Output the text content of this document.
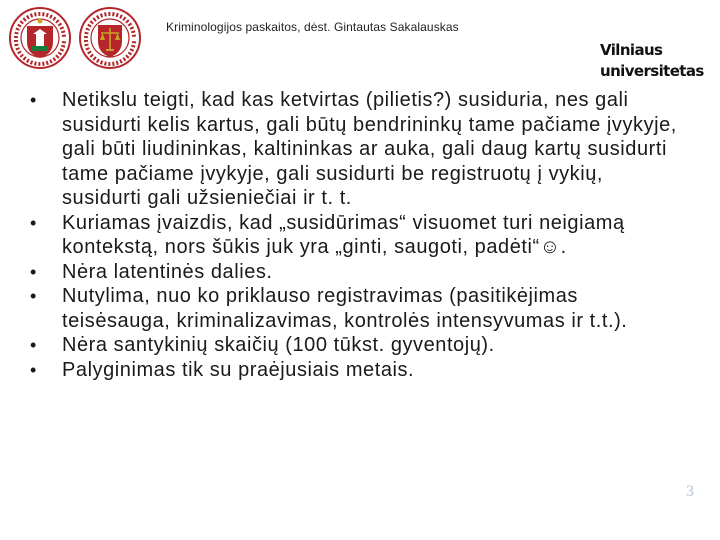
Kriminologijos paskaitos, dėst. Gintautas Sakalauskas
Vilniaus
universitetas
• Netikslu teigti, kad kas ketvirtas (pilietis?) susiduria, nes gali susidurti kelis kartus, gali būtų bendrininkų tame pačiame įvykyje, gali būti liudininkas, kaltininkas ar auka, gali daug kartų susidurti tame pačiame įvykyje, gali susidurti be registruotų į vykių, susidurti gali užsieniečiai ir t. t.
• Kuriamas įvaizdis, kad „susidūrimas“ visuomet turi neigiamą kontekstą, nors šūkis juk yra „ginti, saugoti, padėti“☺.
• Nėra latentinės dalies.
• Nutylima, nuo ko priklauso registravimas (pasitikėjimas teisėsauga, kriminalizavimas, kontrolės intensyvumas ir t.t.).
• Nėra santykinių skaičių (100 tūkst. gyventojų).
• Palyginimas tik su praėjusiais metais.
3
